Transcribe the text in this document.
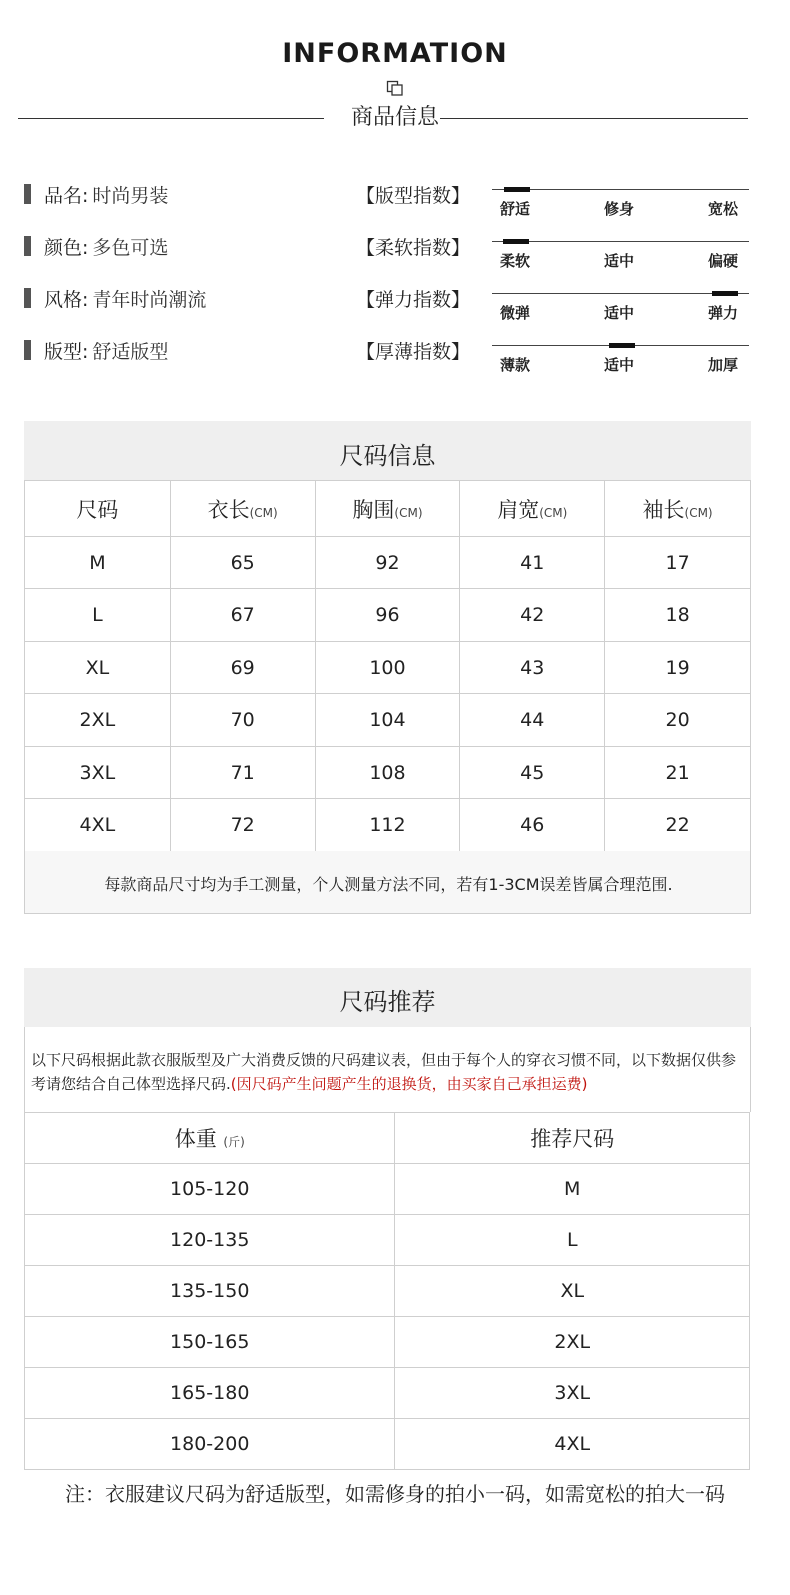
INFORMATION
商品信息
品名: 时尚男装
颜色: 多色可选
风格: 青年时尚潮流
版型: 舒适版型
【版型指数】
舒适	修身	宽松
【柔软指数】
柔软	适中	偏硬
【弹力指数】
微弹	适中	弹力
【厚薄指数】
薄款	适中	加厚
尺码信息
尺码	衣长(CM)	胸围(CM)	肩宽(CM)	袖长(CM)
M	65	92	41	17
L	67	96	42	18
XL	69	100	43	19
2XL	70	104	44	20
3XL	71	108	45	21
4XL	72	112	46	22
每款商品尺寸均为手工测量，个人测量方法不同，若有1-3CM误差皆属合理范围.
尺码推荐
以下尺码根据此款衣服版型及广大消费反馈的尺码建议表，但由于每个人的穿衣习惯不同，以下数据仅供参考请您结合自己体型选择尺码.(因尺码产生问题产生的退换货，由买家自己承担运费)
体重 (斤)	推荐尺码
105-120	M
120-135	L
135-150	XL
150-165	2XL
165-180	3XL
180-200	4XL
注：衣服建议尺码为舒适版型，如需修身的拍小一码，如需宽松的拍大一码
